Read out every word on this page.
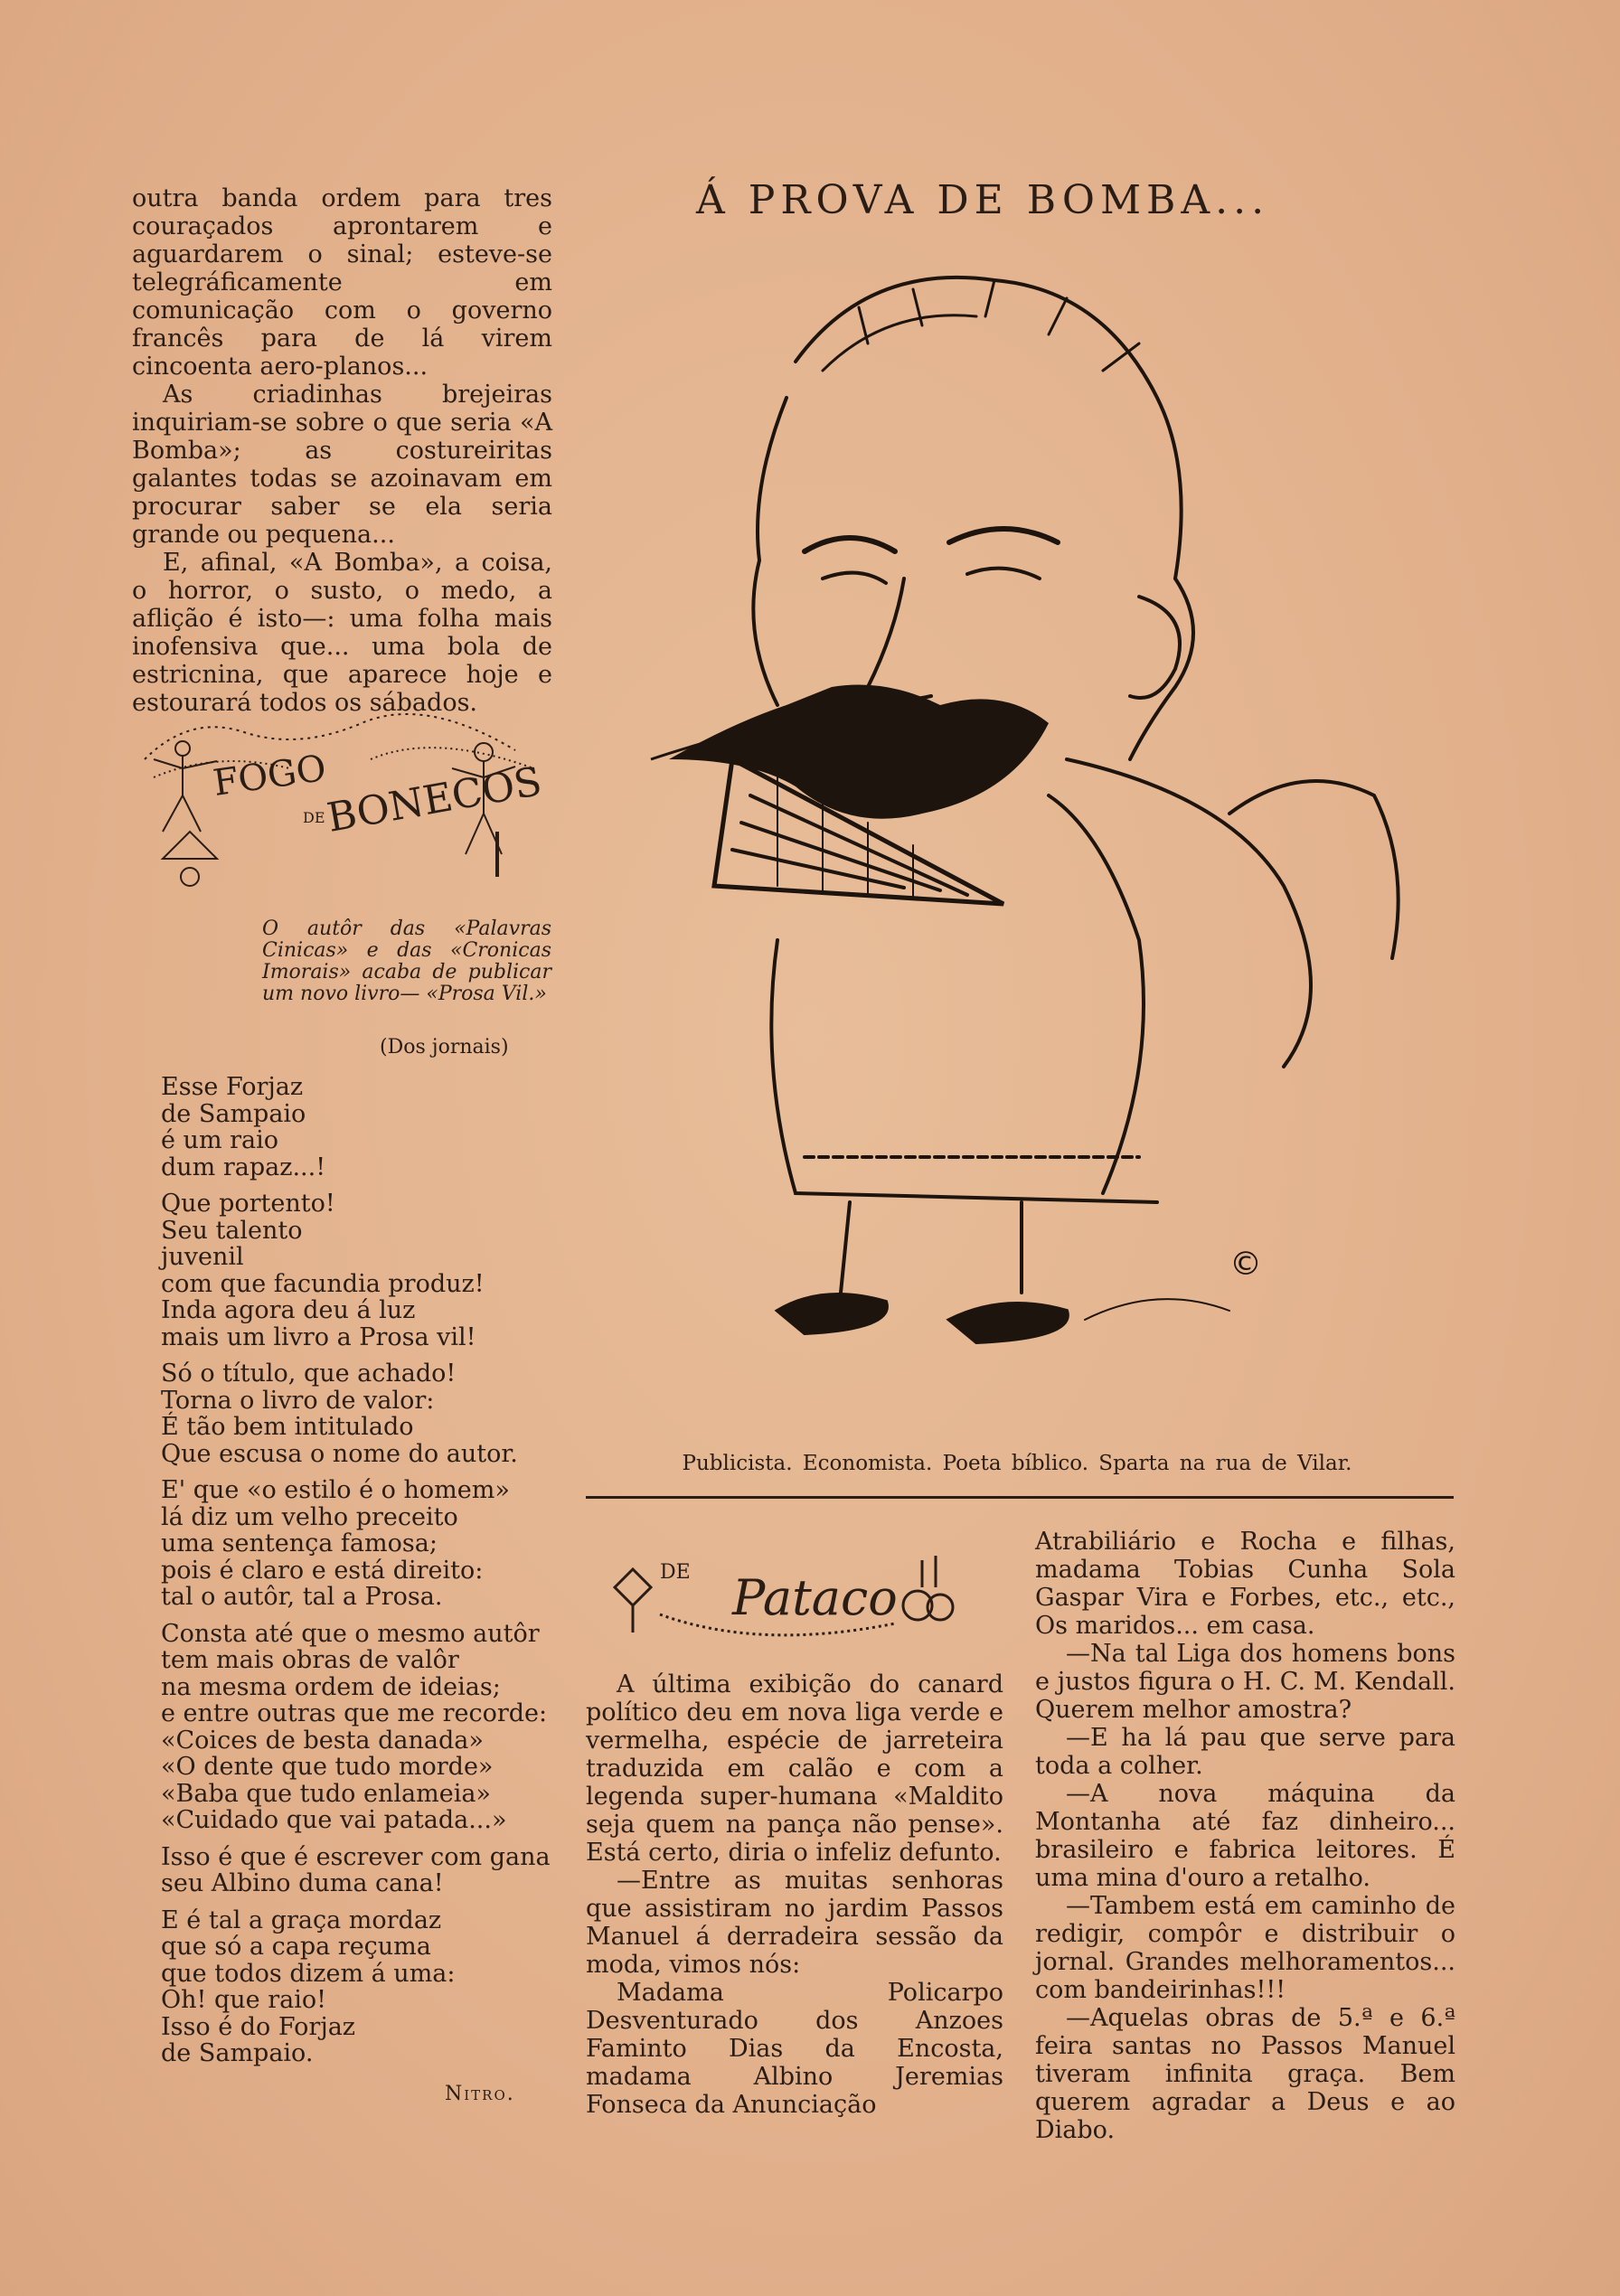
outra banda ordem para tres couraçados aprontarem e aguardarem o sinal; esteve-se telegráficamente em comunicação com o governo francês para de lá virem cincoenta aero-planos...

As criadinhas brejeiras inquiriam-se sobre o que seria «A Bomba»; as costureiritas galantes todas se azoinavam em procurar saber se ela seria grande ou pequena...

E, afinal, «A Bomba», a coisa, o horror, o susto, o medo, a aflição é isto—: uma folha mais inofensiva que... uma bola de estricnina, que aparece hoje e estourará todos os sábados.

FOGO
DE
BONECOS
O autôr das «Palavras Cinicas» e das «Cronicas Imorais» acaba de publicar um novo livro— «Prosa Vil.»
(Dos jornais)
Esse Forjaz
de Sampaio
é um raio
dum rapaz...!
Que portento!
Seu talento
juvenil
com que facundia produz!
Inda agora deu á luz
mais um livro a Prosa vil!
Só o título, que achado!
Torna o livro de valor:
É tão bem intitulado
Que escusa o nome do autor.
E' que «o estilo é o homem»
lá diz um velho preceito
uma sentença famosa;
pois é claro e está direito:
tal o autôr, tal a Prosa.
Consta até que o mesmo autôr
tem mais obras de valôr
na mesma ordem de ideias;
e entre outras que me recorde:
«Coices de besta danada»
«O dente que tudo morde»
«Baba que tudo enlameia»
«Cuidado que vai patada...»
Isso é que é escrever com gana
seu Albino duma cana!
E é tal a graça mordaz
que só a capa reçuma
que todos dizem á uma:
Oh! que raio!
Isso é do Forjaz
de Sampaio.
Nitro.
Á PROVA DE BOMBA...
©
Publicista. Economista. Poeta bíblico. Sparta na rua de Vilar.
DE Pataco

A última exibição do canard político deu em nova liga verde e vermelha, espécie de jarreteira traduzida em calão e com a legenda super-humana «Maldito seja quem na pança não pense». Está certo, diria o infeliz defunto.

—Entre as muitas senhoras que assistiram no jardim Passos Manuel á derradeira sessão da moda, vimos nós:

Madama Policarpo Desventurado dos Anzoes Faminto Dias da Encosta, madama Albino Jeremias Fonseca da Anunciação

Atrabiliário e Rocha e filhas, madama Tobias Cunha Sola Gaspar Vira e Forbes, etc., etc., Os maridos... em casa.

—Na tal Liga dos homens bons e justos figura o H. C. M. Kendall. Querem melhor amostra?

—E ha lá pau que serve para toda a colher.

—A nova máquina da Montanha até faz dinheiro... brasileiro e fabrica leitores. É uma mina d'ouro a retalho.

—Tambem está em caminho de redigir, compôr e distribuir o jornal. Grandes melhoramentos... com bandeirinhas!!!

—Aquelas obras de 5.ª e 6.ª feira santas no Passos Manuel tiveram infinita graça. Bem querem agradar a Deus e ao Diabo.
